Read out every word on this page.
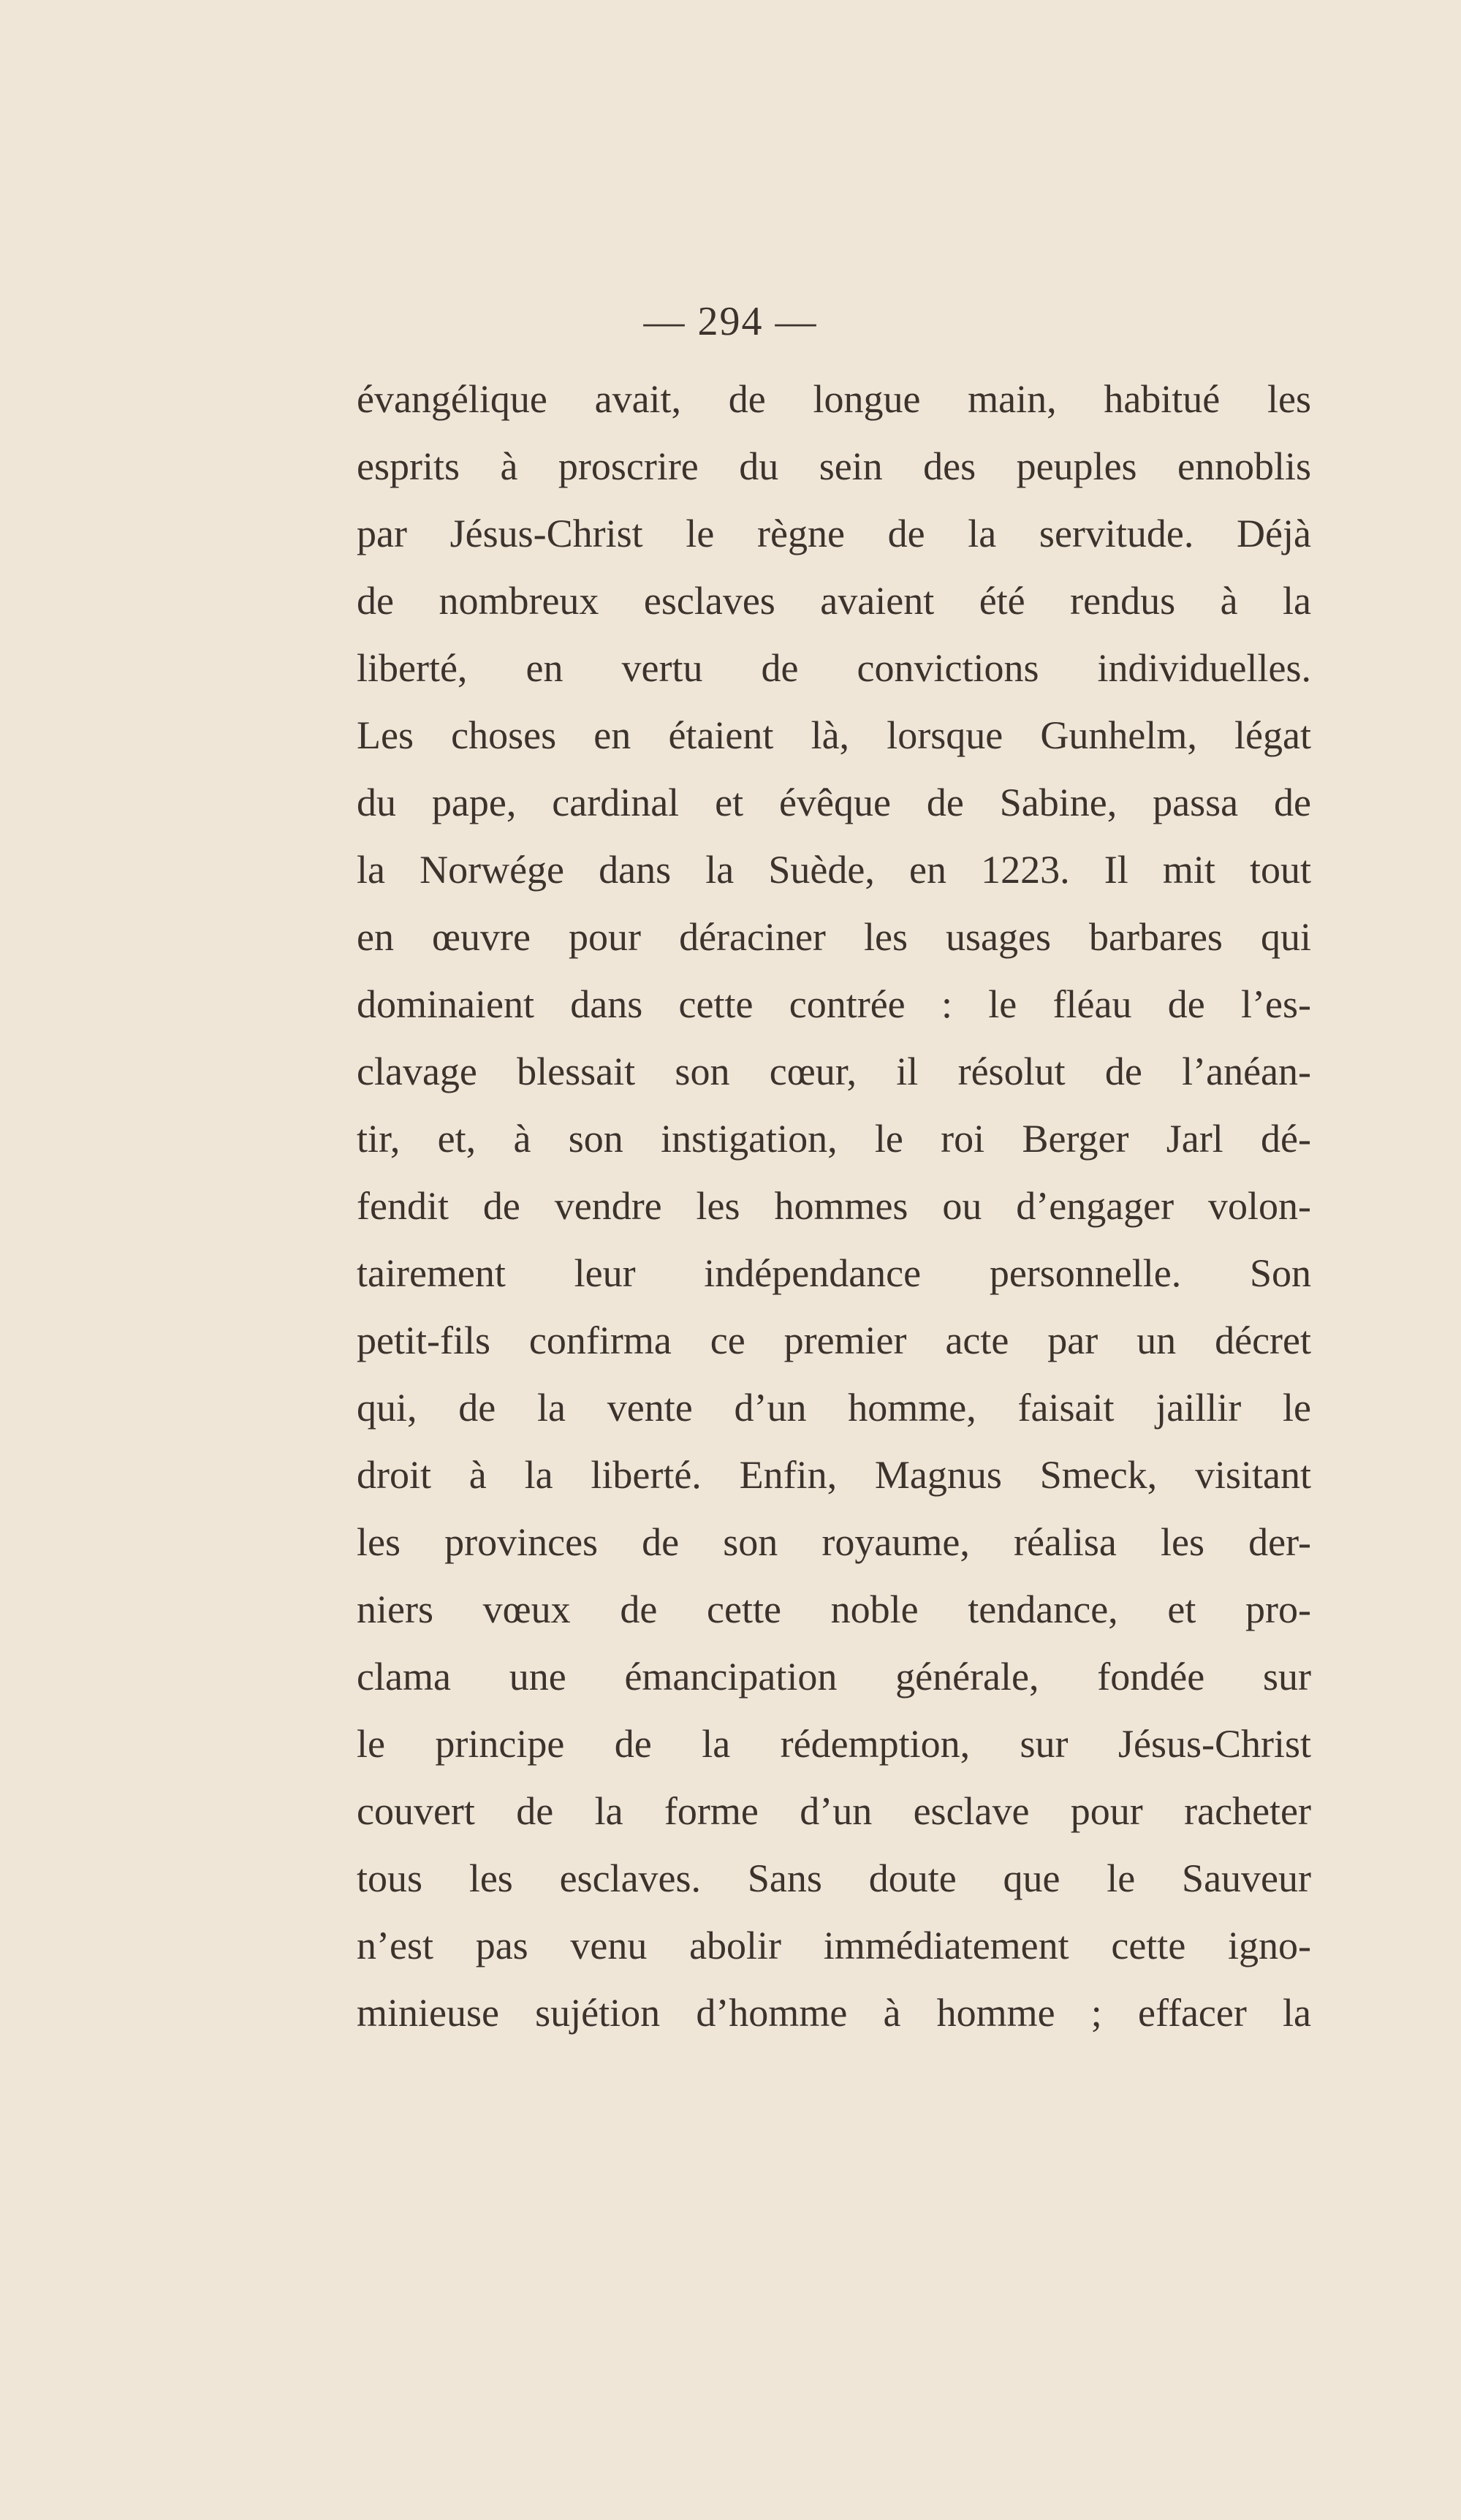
— 294 —
évangélique avait, de longue main, habitué les
esprits à proscrire du sein des peuples ennoblis
par Jésus-Christ le règne de la servitude. Déjà
de nombreux esclaves avaient été rendus à la
liberté, en vertu de convictions individuelles.
Les choses en étaient là, lorsque Gunhelm, légat
du pape, cardinal et évêque de Sabine, passa de
la Norwége dans la Suède, en 1223. Il mit tout
en œuvre pour déraciner les usages barbares qui
dominaient dans cette contrée : le fléau de l’es-
clavage blessait son cœur, il résolut de l’anéan-
tir, et, à son instigation, le roi Berger Jarl dé-
fendit de vendre les hommes ou d’engager volon-
tairement leur indépendance personnelle. Son
petit-fils confirma ce premier acte par un décret
qui, de la vente d’un homme, faisait jaillir le
droit à la liberté. Enfin, Magnus Smeck, visitant
les provinces de son royaume, réalisa les der-
niers vœux de cette noble tendance, et pro-
clama une émancipation générale, fondée sur
le principe de la rédemption, sur Jésus-Christ
couvert de la forme d’un esclave pour racheter
tous les esclaves. Sans doute que le Sauveur
n’est pas venu abolir immédiatement cette igno-
minieuse sujétion d’homme à homme ; effacer la
